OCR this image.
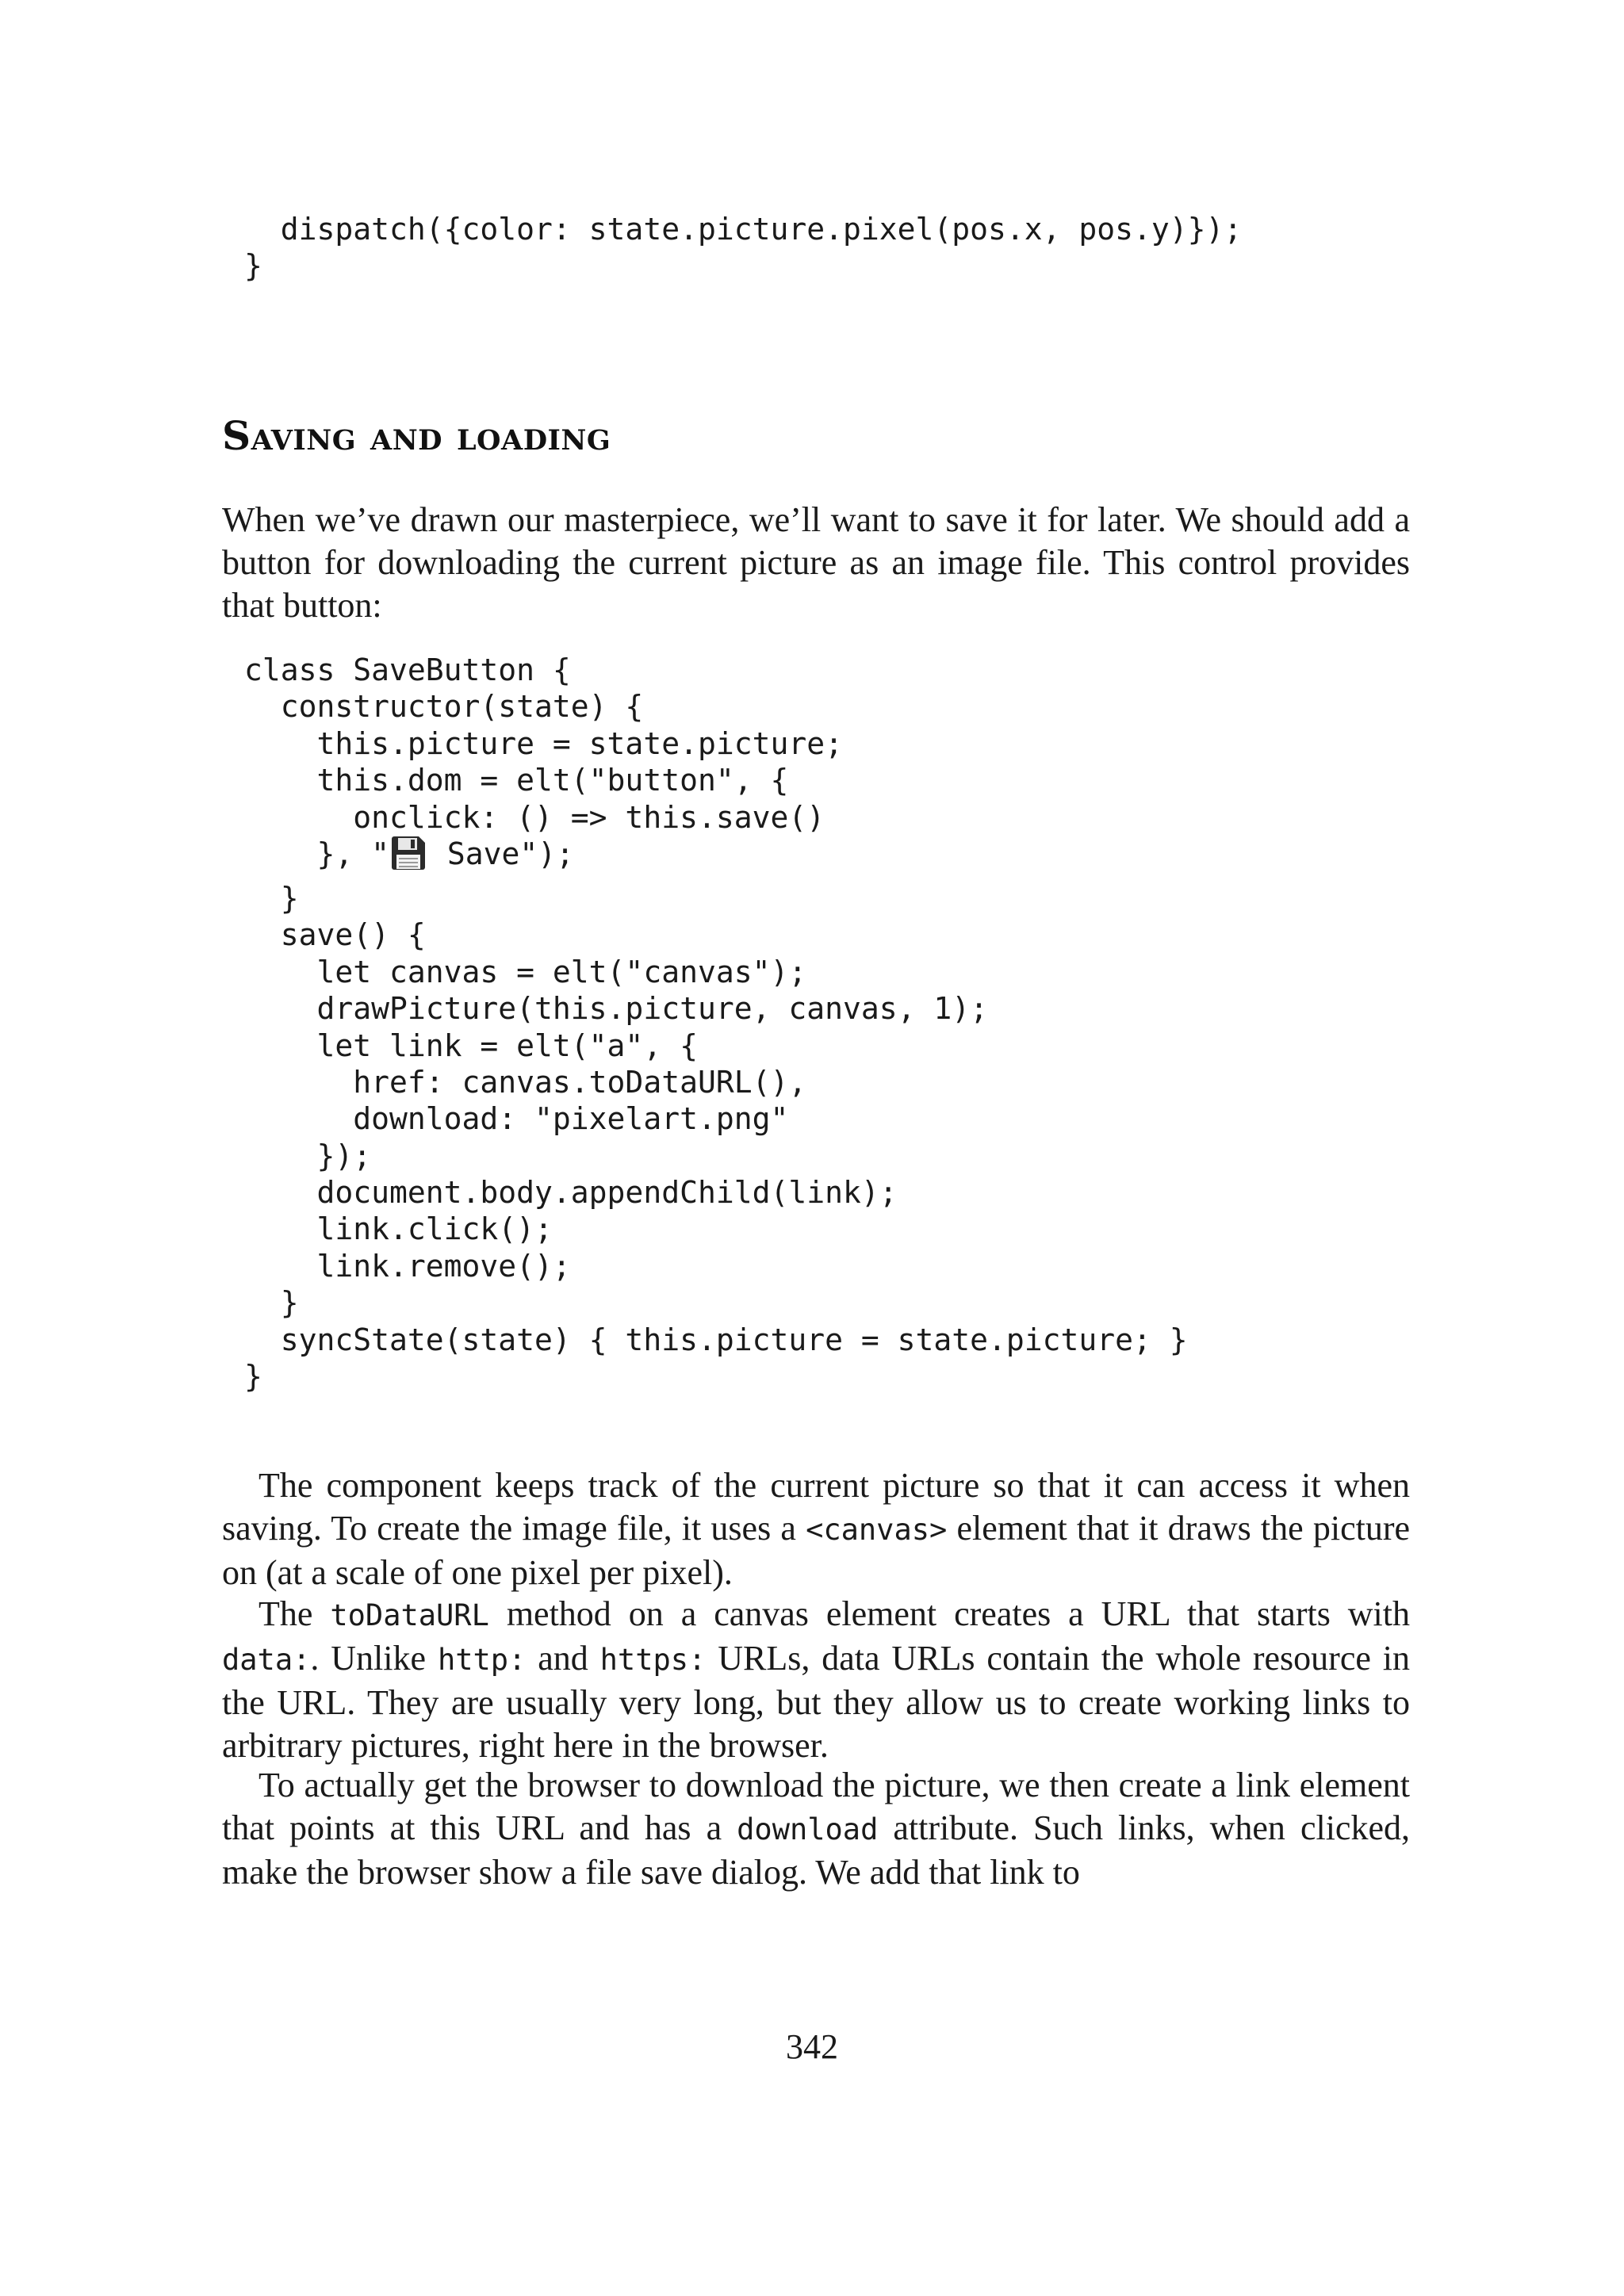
dispatch({color: state.picture.pixel(pos.x, pos.y)});
}
Saving and loading

When we’ve drawn our masterpiece, we’ll want to save it for later. We should add a button for downloading the current picture as an image file. This control provides that button:

class SaveButton {
constructor(state) {
this.picture = state.picture;
this.dom = elt("button", {
onclick: () => this.save()
}, " Save");
}
save() {
let canvas = elt("canvas");
drawPicture(this.picture, canvas, 1);
let link = elt("a", {
href: canvas.toDataURL(),
download: "pixelart.png"
});
document.body.appendChild(link);
link.click();
link.remove();
}
syncState(state) { this.picture = state.picture; }
}

The component keeps track of the current picture so that it can access it when saving. To create the image file, it uses a <canvas> element that it draws the picture on (at a scale of one pixel per pixel).

The toDataURL method on a canvas element creates a URL that starts with data:. Unlike http: and https: URLs, data URLs contain the whole resource in the URL. They are usually very long, but they allow us to create working links to arbitrary pictures, right here in the browser.

To actually get the browser to download the picture, we then create a link element that points at this URL and has a download attribute. Such links, when clicked, make the browser show a file save dialog. We add that link to

342
